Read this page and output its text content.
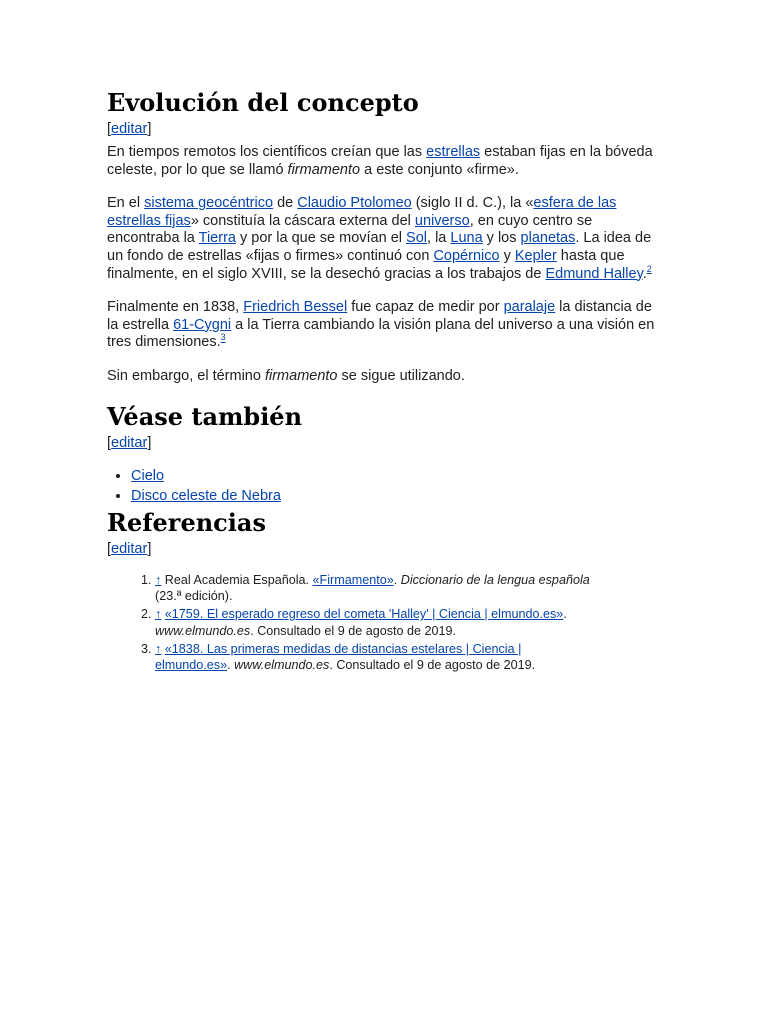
Evolución del concepto
[editar]

En tiempos remotos los científicos creían que las estrellas estaban fijas en la bóveda celeste, por lo que se llamó firmamento a este conjunto «firme».

En el sistema geocéntrico de Claudio Ptolomeo (siglo II d. C.), la «esfera de las estrellas fijas» constituía la cáscara externa del universo, en cuyo centro se encontraba la Tierra y por la que se movían el Sol, la Luna y los planetas. La idea de un fondo de estrellas «fijas o firmes» continuó con Copérnico y Kepler hasta que finalmente, en el siglo XVIII, se la desechó gracias a los trabajos de Edmund Halley.$^2$

Finalmente en 1838, Friedrich Bessel fue capaz de medir por paralaje la distancia de la estrella 61-Cygni a la Tierra cambiando la visión plana del universo a una visión en tres dimensiones.$^3$

Sin embargo, el término firmamento se sigue utilizando.

Véase también
[editar]
• Cielo
• Disco celeste de Nebra
Referencias
[editar]
1. ↑ Real Academia Española. «Firmamento». Diccionario de la lengua española (23.ª edición).
2. ↑ «1759. El esperado regreso del cometa 'Halley' | Ciencia | elmundo.es». www.elmundo.es. Consultado el 9 de agosto de 2019.
3. ↑ «1838. Las primeras medidas de distancias estelares | Ciencia | elmundo.es». www.elmundo.es. Consultado el 9 de agosto de 2019.
